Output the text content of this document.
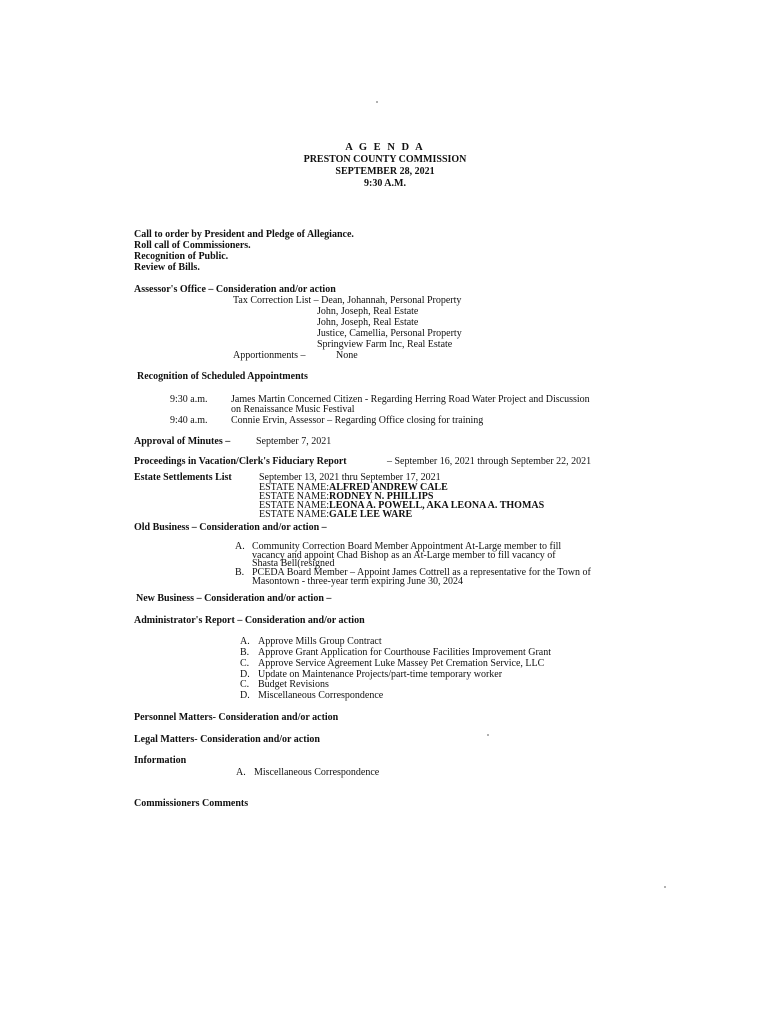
A G E N D A
PRESTON COUNTY COMMISSION
SEPTEMBER 28, 2021
9:30 A.M.
Call to order by President and Pledge of Allegiance.
Roll call of Commissioners.
Recognition of Public.
Review of Bills.
Assessor's Office – Consideration and/or action
Tax Correction List – Dean, Johannah, Personal Property
John, Joseph, Real Estate
John, Joseph, Real Estate
Justice, Camellia, Personal Property
Springview Farm Inc, Real Estate
Apportionments –	None
Recognition of Scheduled Appointments
9:30 a.m. James Martin Concerned Citizen - Regarding Herring Road Water Project and Discussion
on Renaissance Music Festival
9:40 a.m. Connie Ervin, Assessor – Regarding Office closing for training
Approval of Minutes –	September 7, 2021
Proceedings in Vacation/Clerk's Fiduciary Report	– September 16, 2021 through September 22, 2021
Estate Settlements List	September 13, 2021 thru September 17, 2021
ESTATE NAME:ALFRED ANDREW CALE
ESTATE NAME:RODNEY N. PHILLIPS
ESTATE NAME:LEONA A. POWELL, AKA LEONA A. THOMAS
ESTATE NAME:GALE LEE WARE
Old Business – Consideration and/or action –
A. Community Correction Board Member Appointment At-Large member to fill
vacancy and appoint Chad Bishop as an At-Large member to fill vacancy of
Shasta Bell(resigned
B. PCEDA Board Member – Appoint James Cottrell as a representative for the Town of
Masontown - three-year term expiring June 30, 2024
New Business – Consideration and/or action –
Administrator's Report – Consideration and/or action
A. Approve Mills Group Contract
B. Approve Grant Application for Courthouse Facilities Improvement Grant
C. Approve Service Agreement Luke Massey Pet Cremation Service, LLC
D. Update on Maintenance Projects/part-time temporary worker
C. Budget Revisions
D. Miscellaneous Correspondence
Personnel Matters- Consideration and/or action
Legal Matters- Consideration and/or action
Information
A. Miscellaneous Correspondence
Commissioners Comments
